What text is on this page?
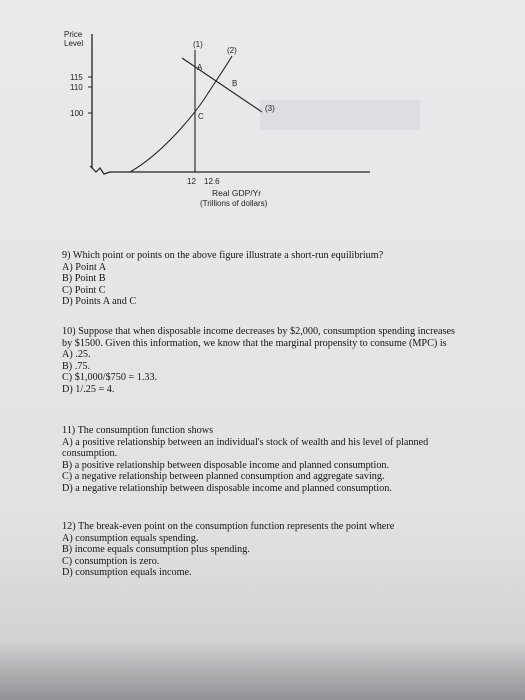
Price
Level
115
110
100
(1)
(2)
(3)
A
B
C
12 12.6
Real GDP/Yr
(Trillions of dollars)

9) Which point or points on the above figure illustrate a short-run equilibrium?

A) Point A

B) Point B

C) Point C

D) Points A and C

10) Suppose that when disposable income decreases by $2,000, consumption spending increases

by $1500. Given this information, we know that the marginal propensity to consume (MPC) is

A) .25.

B) .75.

C) $1,000/$750 = 1.33.

D) 1/.25 = 4.

11) The consumption function shows

A) a positive relationship between an individual's stock of wealth and his level of planned

consumption.

B) a positive relationship between disposable income and planned consumption.

C) a negative relationship between planned consumption and aggregate saving.

D) a negative relationship between disposable income and planned consumption.

12) The break-even point on the consumption function represents the point where

A) consumption equals spending.

B) income equals consumption plus spending.

C) consumption is zero.

D) consumption equals income.
